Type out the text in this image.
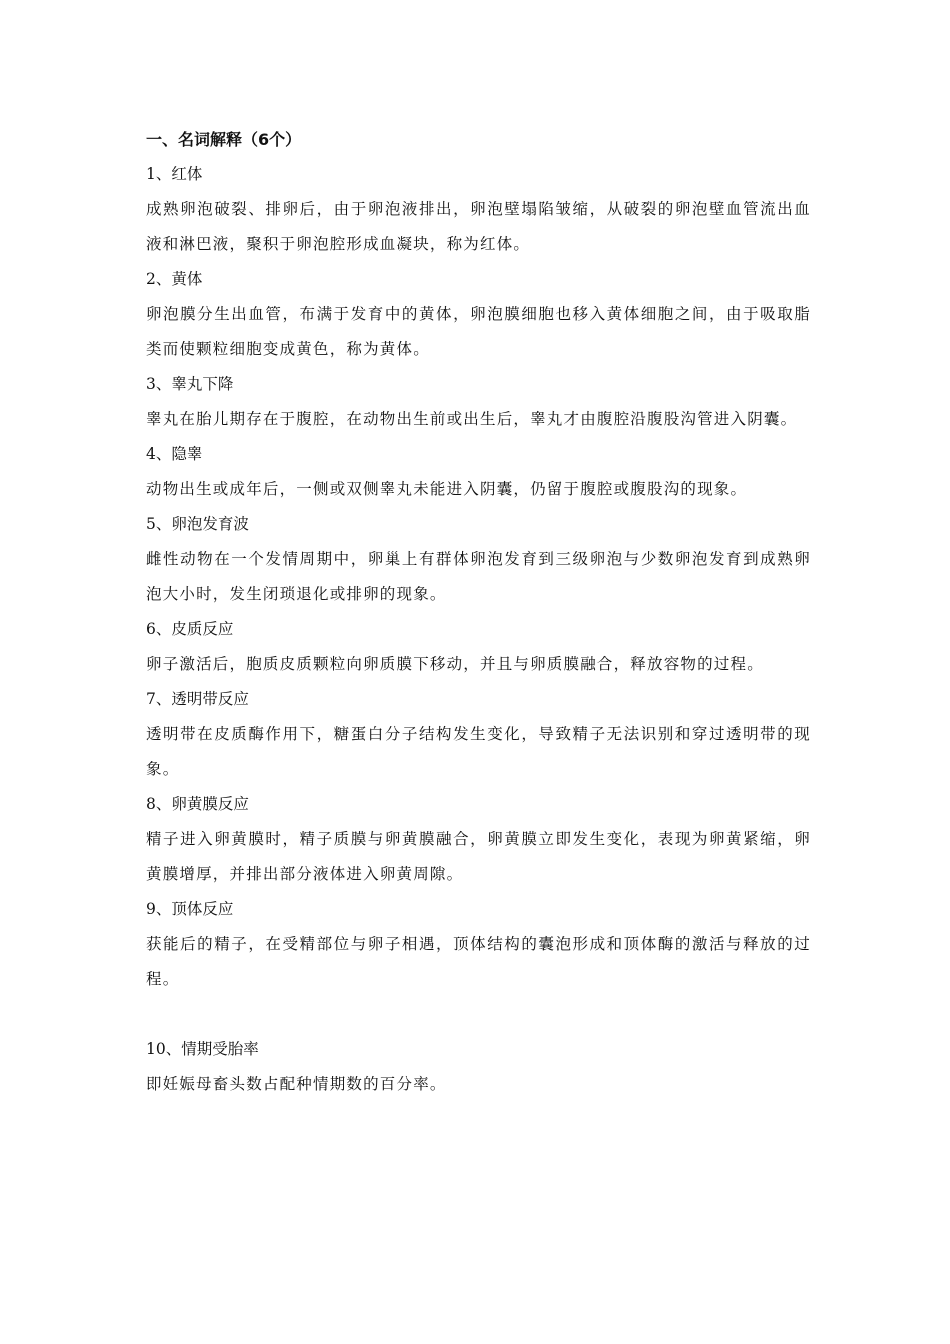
一、名词解释（6个）
1、红体

成熟卵泡破裂、排卵后，由于卵泡液排出，卵泡壁塌陷皱缩，从破裂的卵泡壁血管流出血液和淋巴液，聚积于卵泡腔形成血凝块，称为红体。

2、黄体

卵泡膜分生出血管，布满于发育中的黄体，卵泡膜细胞也移入黄体细胞之间，由于吸取脂类而使颗粒细胞变成黄色，称为黄体。

3、睾丸下降

睾丸在胎儿期存在于腹腔，在动物出生前或出生后，睾丸才由腹腔沿腹股沟管进入阴囊。

4、隐睾

动物出生或成年后，一侧或双侧睾丸未能进入阴囊，仍留于腹腔或腹股沟的现象。

5、卵泡发育波

雌性动物在一个发情周期中，卵巢上有群体卵泡发育到三级卵泡与少数卵泡发育到成熟卵泡大小时，发生闭琐退化或排卵的现象。

6、皮质反应

卵子激活后，胞质皮质颗粒向卵质膜下移动，并且与卵质膜融合，释放容物的过程。

7、透明带反应

透明带在皮质酶作用下，糖蛋白分子结构发生变化，导致精子无法识别和穿过透明带的现象。

8、卵黄膜反应

精子进入卵黄膜时，精子质膜与卵黄膜融合，卵黄膜立即发生变化，表现为卵黄紧缩，卵黄膜增厚，并排出部分液体进入卵黄周隙。

9、顶体反应

获能后的精子，在受精部位与卵子相遇，顶体结构的囊泡形成和顶体酶的激活与释放的过程。

10、情期受胎率

即妊娠母畜头数占配种情期数的百分率。
